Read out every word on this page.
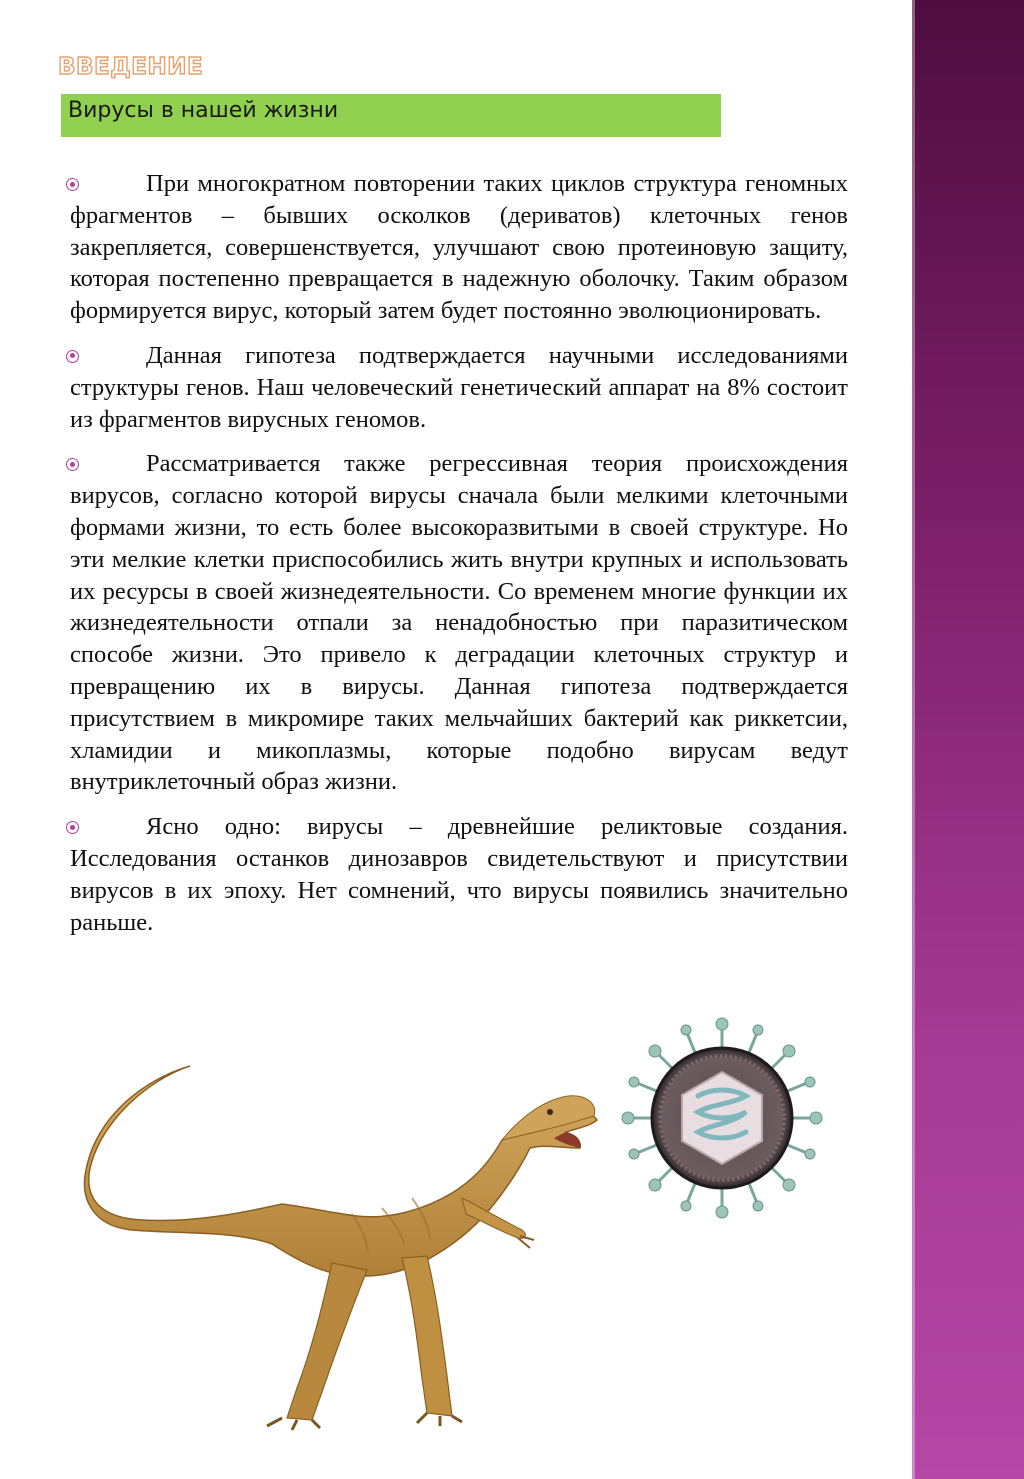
ВВЕДЕНИЕ
Вирусы в нашей жизни

При многократном повторении таких циклов структура геномных фрагментов – бывших осколков (дериватов) клеточных генов закрепляется, совершенствуется, улучшают свою протеиновую защиту, которая постепенно превращается в надежную оболочку. Таким образом формируется вирус, который затем будет постоянно эволюционировать.

Данная гипотеза подтверждается научными исследованиями структуры генов. Наш человеческий генетический аппарат на 8% состоит из фрагментов вирусных геномов.

Рассматривается также регрессивная теория происхождения вирусов, согласно которой вирусы сначала были мелкими клеточными формами жизни, то есть более высокоразвитыми в своей структуре. Но эти мелкие клетки приспособились жить внутри крупных и использовать их ресурсы в своей жизнедеятельности. Со временем многие функции их жизнедеятельности отпали за ненадобностью при паразитическом способе жизни. Это привело к деградации клеточных структур и превращению их в вирусы. Данная гипотеза подтверждается присутствием в микромире таких мельчайших бактерий как риккетсии, хламидии и микоплазмы, которые подобно вирусам ведут внутриклеточный образ жизни.

Ясно одно: вирусы – древнейшие реликтовые создания. Исследования останков динозавров свидетельствуют и присутствии вирусов в их эпоху. Нет сомнений, что вирусы появились значительно раньше.
